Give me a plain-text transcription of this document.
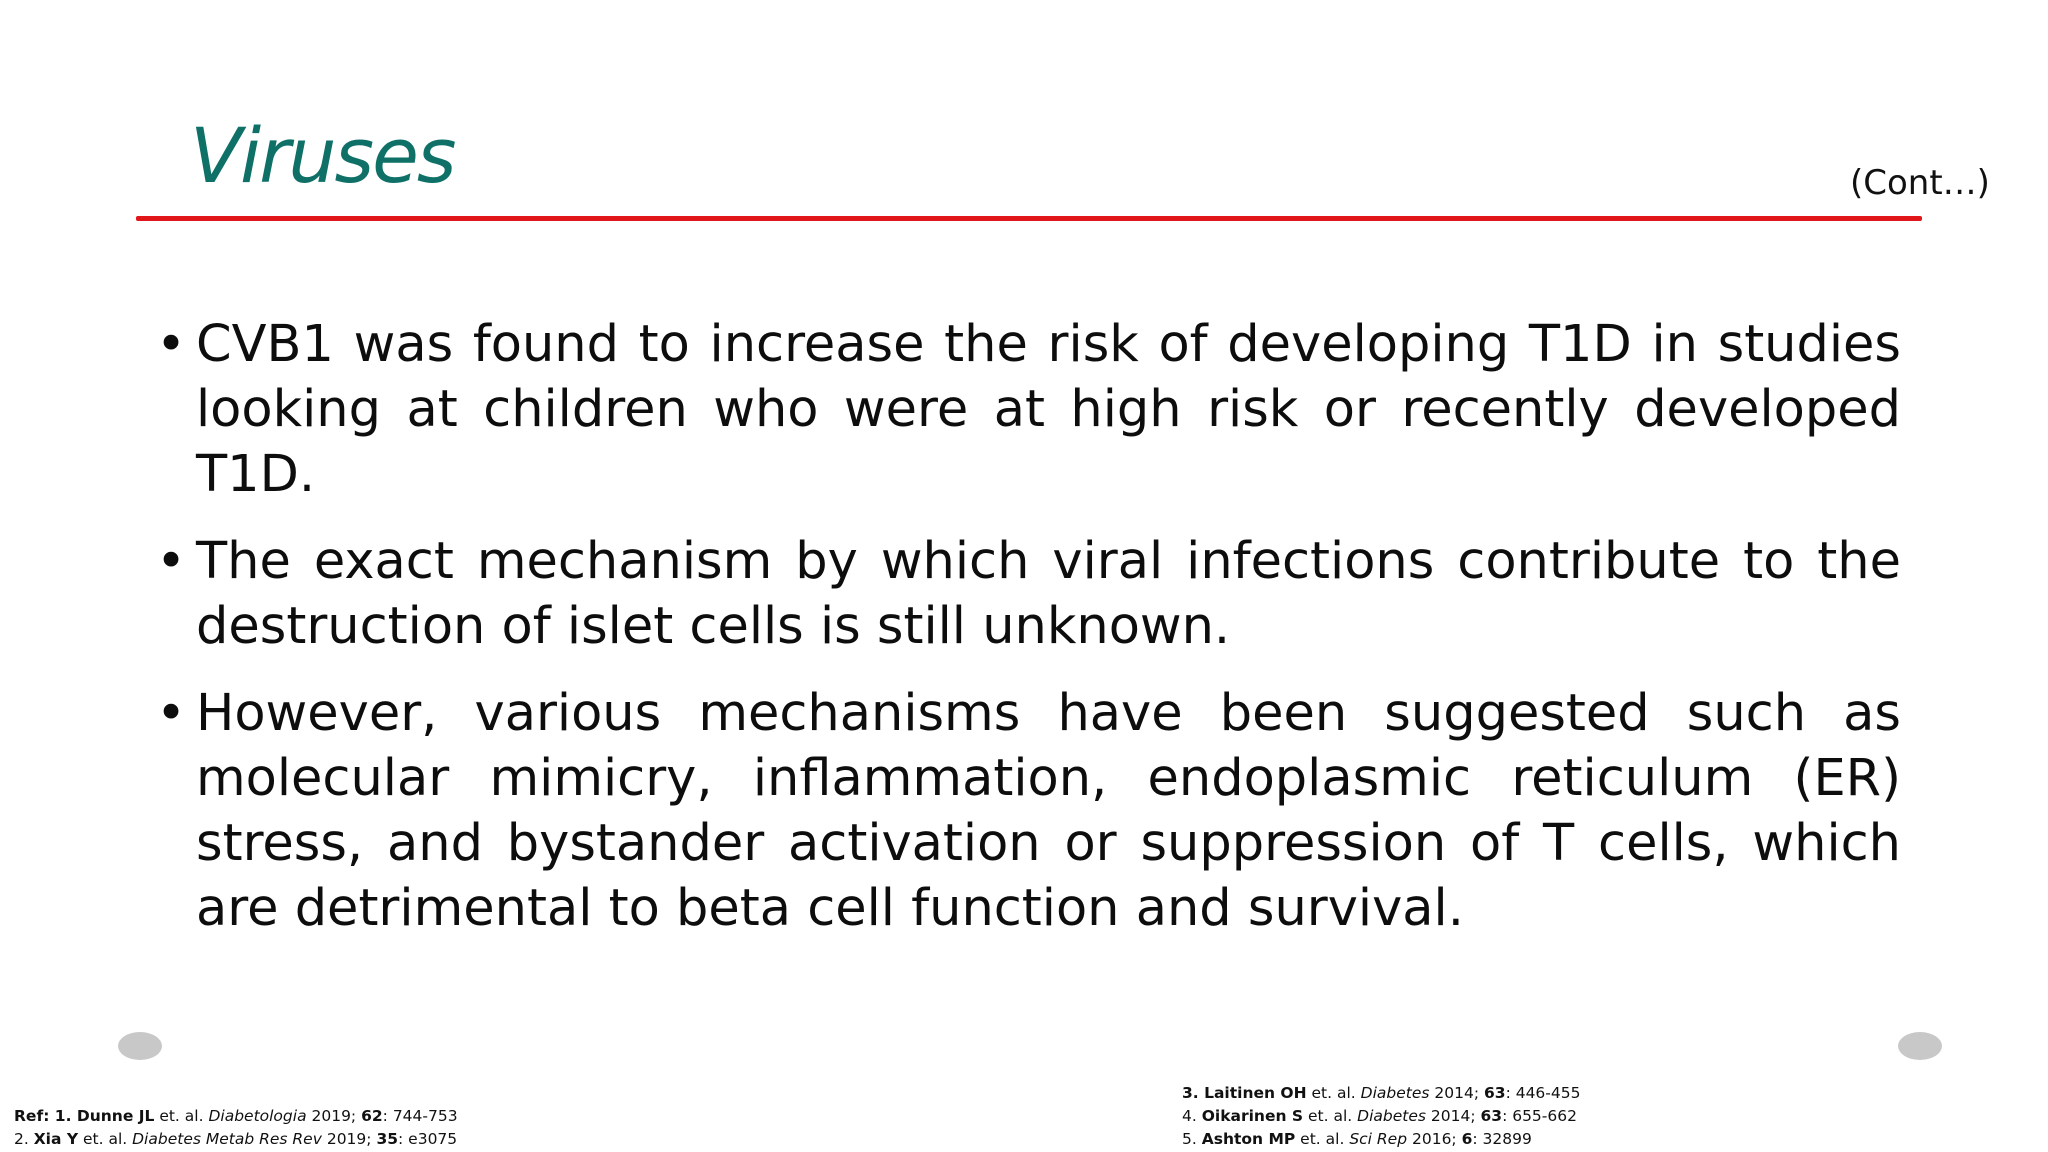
Viruses	(Cont…)
• CVB1 was found to increase the risk of developing T1D in studies looking at children who were at high risk or recently developed T1D.
• The exact mechanism by which viral infections contribute to the destruction of islet cells is still unknown.
• However, various mechanisms have been suggested such as molecular mimicry, inflammation, endoplasmic reticulum (ER) stress, and bystander activation or suppression of T cells, which are detrimental to beta cell function and survival.
Ref: 1. Dunne JL et. al. Diabetologia 2019; 62: 744-753
2. Xia Y et. al. Diabetes Metab Res Rev 2019; 35: e3075
3. Laitinen OH et. al. Diabetes 2014; 63: 446-455
4. Oikarinen S et. al. Diabetes 2014; 63: 655-662
5. Ashton MP et. al. Sci Rep 2016; 6: 32899
